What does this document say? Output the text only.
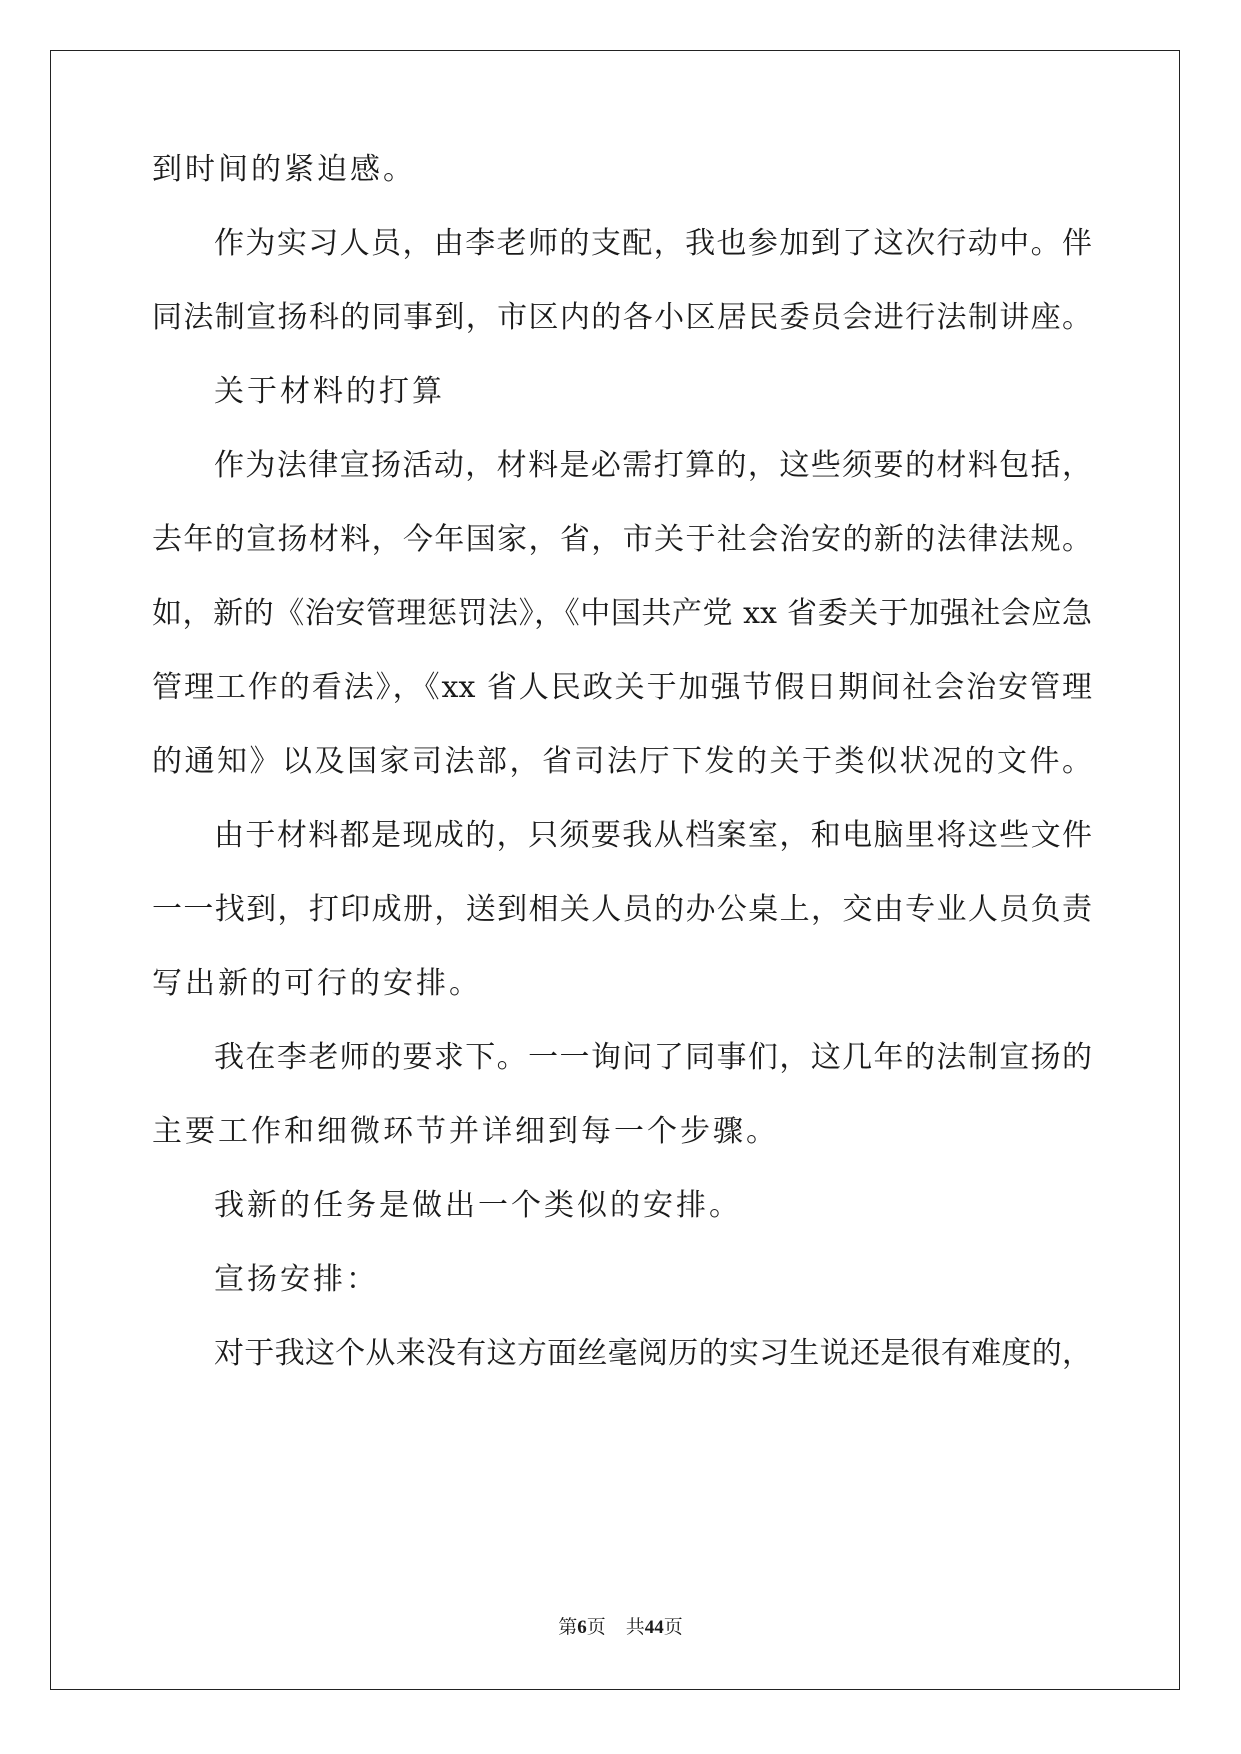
到时间的紧迫感。
作为实习人员，由李老师的支配，我也参加到了这次行动中。伴
同法制宣扬科的同事到，市区内的各小区居民委员会进行法制讲座。
关于材料的打算
作为法律宣扬活动，材料是必需打算的，这些须要的材料包括，
去年的宣扬材料，今年国家，省，市关于社会治安的新的法律法规。
如，新的《治安管理惩罚法》，《中国共产党 xx 省委关于加强社会应急
管理工作的看法》，《xx 省人民政关于加强节假日期间社会治安管理
的通知》以及国家司法部，省司法厅下发的关于类似状况的文件。
由于材料都是现成的，只须要我从档案室，和电脑里将这些文件
一一找到，打印成册，送到相关人员的办公桌上，交由专业人员负责
写出新的可行的安排。
我在李老师的要求下。一一询问了同事们，这几年的法制宣扬的
主要工作和细微环节并详细到每一个步骤。
我新的任务是做出一个类似的安排。
宣扬安排：
对于我这个从来没有这方面丝毫阅历的实习生说还是很有难度的，
第6页 共44页
